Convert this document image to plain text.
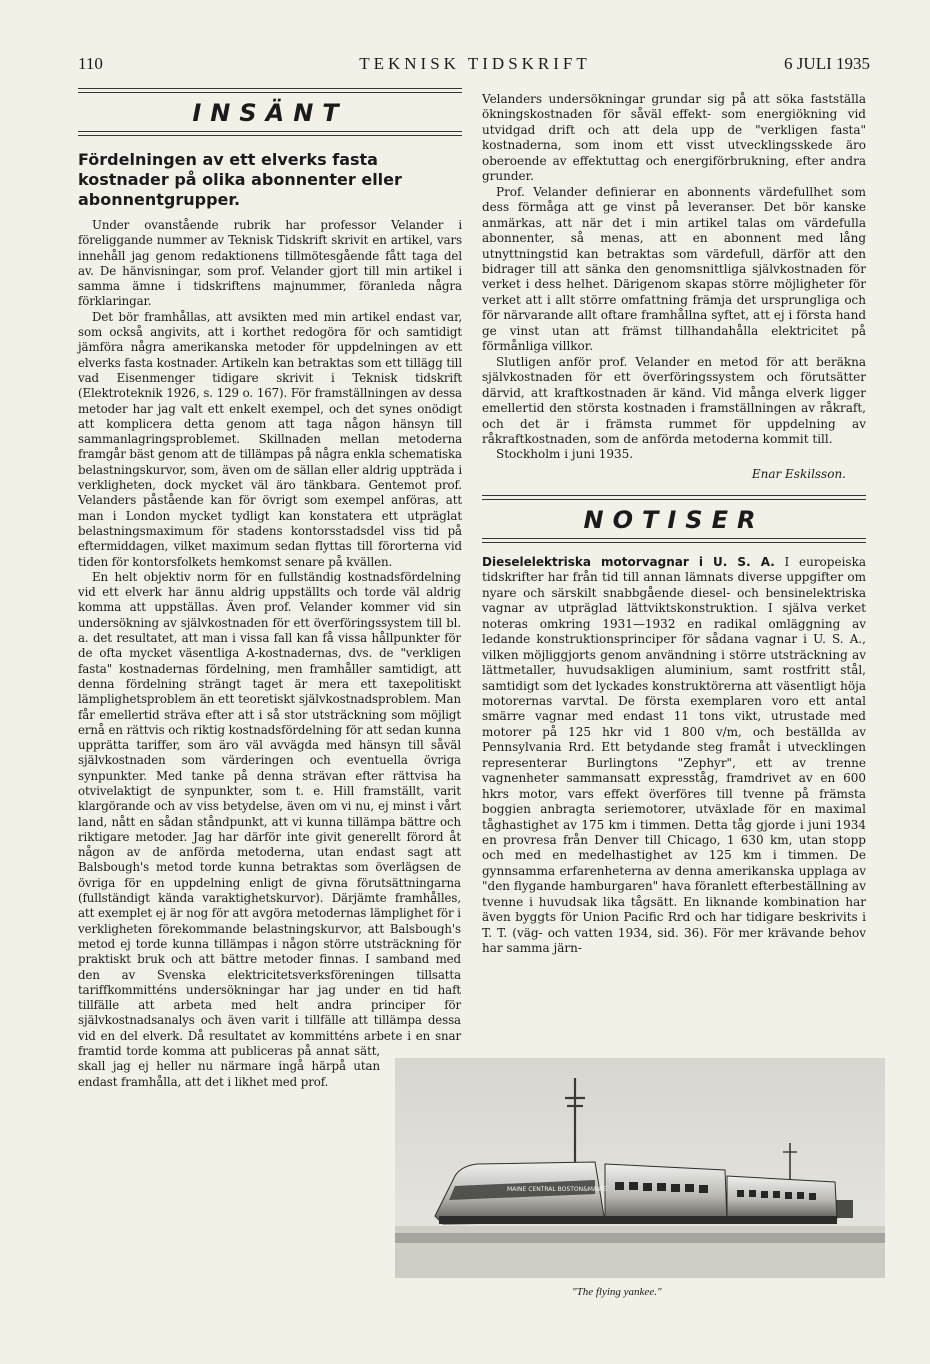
110	TEKNISK TIDSKRIFT	6 JULI 1935
INSÄNT
Fördelningen av ett elverks fasta kostnader på olika abonnenter eller abonnentgrupper.

Under ovanstående rubrik har professor Velander i föreliggande nummer av Teknisk Tidskrift skrivit en artikel, vars innehåll jag genom redaktionens tillmötesgående fått taga del av. De hänvisningar, som prof. Velander gjort till min artikel i samma ämne i tidskriftens majnummer, föranleda några förklaringar.

Det bör framhållas, att avsikten med min artikel endast var, som också angivits, att i korthet redogöra för och samtidigt jämföra några amerikanska metoder för uppdelningen av ett elverks fasta kostnader. Artikeln kan betraktas som ett tillägg till vad Eisenmenger tidigare skrivit i Teknisk tidskrift (Elektroteknik 1926, s. 129 o. 167). För framställningen av dessa metoder har jag valt ett enkelt exempel, och det synes onödigt att komplicera detta genom att taga någon hänsyn till sammanlagringsproblemet. Skillnaden mellan metoderna framgår bäst genom att de tillämpas på några enkla schematiska belastningskurvor, som, även om de sällan eller aldrig uppträda i verkligheten, dock mycket väl äro tänkbara. Gentemot prof. Velanders påstående kan för övrigt som exempel anföras, att man i London mycket tydligt kan konstatera ett utpräglat belastningsmaximum för stadens kontorsstadsdel viss tid på eftermiddagen, vilket maximum sedan flyttas till förorterna vid tiden för kontorsfolkets hemkomst senare på kvällen.

En helt objektiv norm för en fullständig kostnadsfördelning vid ett elverk har ännu aldrig uppställts och torde väl aldrig komma att uppställas. Även prof. Velander kommer vid sin undersökning av självkostnaden för ett överföringssystem till bl. a. det resultatet, att man i vissa fall kan få vissa hållpunkter för de ofta mycket väsentliga A-kostnadernas, dvs. de "verkligen fasta" kostnadernas fördelning, men framhåller samtidigt, att denna fördelning strängt taget är mera ett taxepolitiskt lämplighetsproblem än ett teoretiskt självkostnadsproblem. Man får emellertid sträva efter att i så stor utsträckning som möjligt ernå en rättvis och riktig kostnadsfördelning för att sedan kunna upprätta tariffer, som äro väl avvägda med hänsyn till såväl självkostnaden som värderingen och eventuella övriga synpunkter. Med tanke på denna strävan efter rättvisa ha otvivelaktigt de synpunkter, som t. e. Hill framställt, varit klargörande och av viss betydelse, även om vi nu, ej minst i vårt land, nått en sådan ståndpunkt, att vi kunna tillämpa bättre och riktigare metoder. Jag har därför inte givit generellt förord åt någon av de anförda metoderna, utan endast sagt att Balsbough's metod torde kunna betraktas som överlägsen de övriga för en uppdelning enligt de givna förutsättningarna (fullständigt kända varaktighetskurvor). Därjämte framhålles, att exemplet ej är nog för att avgöra metodernas lämplighet för i verkligheten förekommande belastningskurvor, att Balsbough's metod ej torde kunna tillämpas i någon större utsträckning för praktiskt bruk och att bättre metoder finnas. I samband med den av Svenska elektricitetsverksföreningen tillsatta tariffkommitténs undersökningar har jag under en tid haft tillfälle att arbeta med helt andra principer för självkostnadsanalys och även varit i tillfälle att tillämpa dessa vid en del elverk. Då resultatet av kommitténs arbete i en snar framtid torde komma att publiceras på annat sätt, skall jag ej heller nu närmare ingå härpå utan endast framhålla, att det i likhet med prof.

Velanders undersökningar grundar sig på att söka fastställa ökningskostnaden för såväl effekt- som energiökning vid utvidgad drift och att dela upp de "verkligen fasta" kostnaderna, som inom ett visst utvecklingsskede äro oberoende av effektuttag och energiförbrukning, efter andra grunder.

Prof. Velander definierar en abonnents värdefullhet som dess förmåga att ge vinst på leveranser. Det bör kanske anmärkas, att när det i min artikel talas om värdefulla abonnenter, så menas, att en abonnent med lång utnyttningstid kan betraktas som värdefull, därför att den bidrager till att sänka den genomsnittliga självkostnaden för verket i dess helhet. Därigenom skapas större möjligheter för verket att i allt större omfattning främja det ursprungliga och för närvarande allt oftare framhållna syftet, att ej i första hand ge vinst utan att främst tillhandahålla elektricitet på förmånliga villkor.

Slutligen anför prof. Velander en metod för att beräkna självkostnaden för ett överföringssystem och förutsätter därvid, att kraftkostnaden är känd. Vid många elverk ligger emellertid den största kostnaden i framställningen av råkraft, och det är i främsta rummet för uppdelning av råkraftkostnaden, som de anförda metoderna kommit till.

Stockholm i juni 1935.

Enar Eskilsson.
NOTISER

Dieselelektriska motorvagnar i U. S. A. I europeiska tidskrifter har från tid till annan lämnats diverse uppgifter om nyare och särskilt snabbgående diesel- och bensinelektriska vagnar av utpräglad lättviktskonstruktion. I själva verket noteras omkring 1931—1932 en radikal omläggning av ledande konstruktionsprinciper för sådana vagnar i U. S. A., vilken möjliggjorts genom användning i större utsträckning av lättmetaller, huvudsakligen aluminium, samt rostfritt stål, samtidigt som det lyckades konstruktörerna att väsentligt höja motorernas varvtal. De första exemplaren voro ett antal smärre vagnar med endast 11 tons vikt, utrustade med motorer på 125 hkr vid 1 800 v/m, och beställda av Pennsylvania Rrd. Ett betydande steg framåt i utvecklingen representerar Burlingtons "Zephyr", ett av trenne vagnenheter sammansatt expresståg, framdrivet av en 600 hkrs motor, vars effekt överföres till tvenne på främsta boggien anbragta seriemotorer, utväxlade för en maximal tåghastighet av 175 km i timmen. Detta tåg gjorde i juni 1934 en provresa från Denver till Chicago, 1 630 km, utan stopp och med en medelhastighet av 125 km i timmen. De gynnsamma erfarenheterna av denna amerikanska upplaga av "den flygande hamburgaren" hava föranlett efterbeställning av tvenne i huvudsak lika tågsätt. En liknande kombination har även byggts för Union Pacific Rrd och har tidigare beskrivits i T. T. (väg- och vatten 1934, sid. 36). För mer krävande behov har samma järn-

MAINE CENTRAL BOSTON&MAINE
"The flying yankee."
